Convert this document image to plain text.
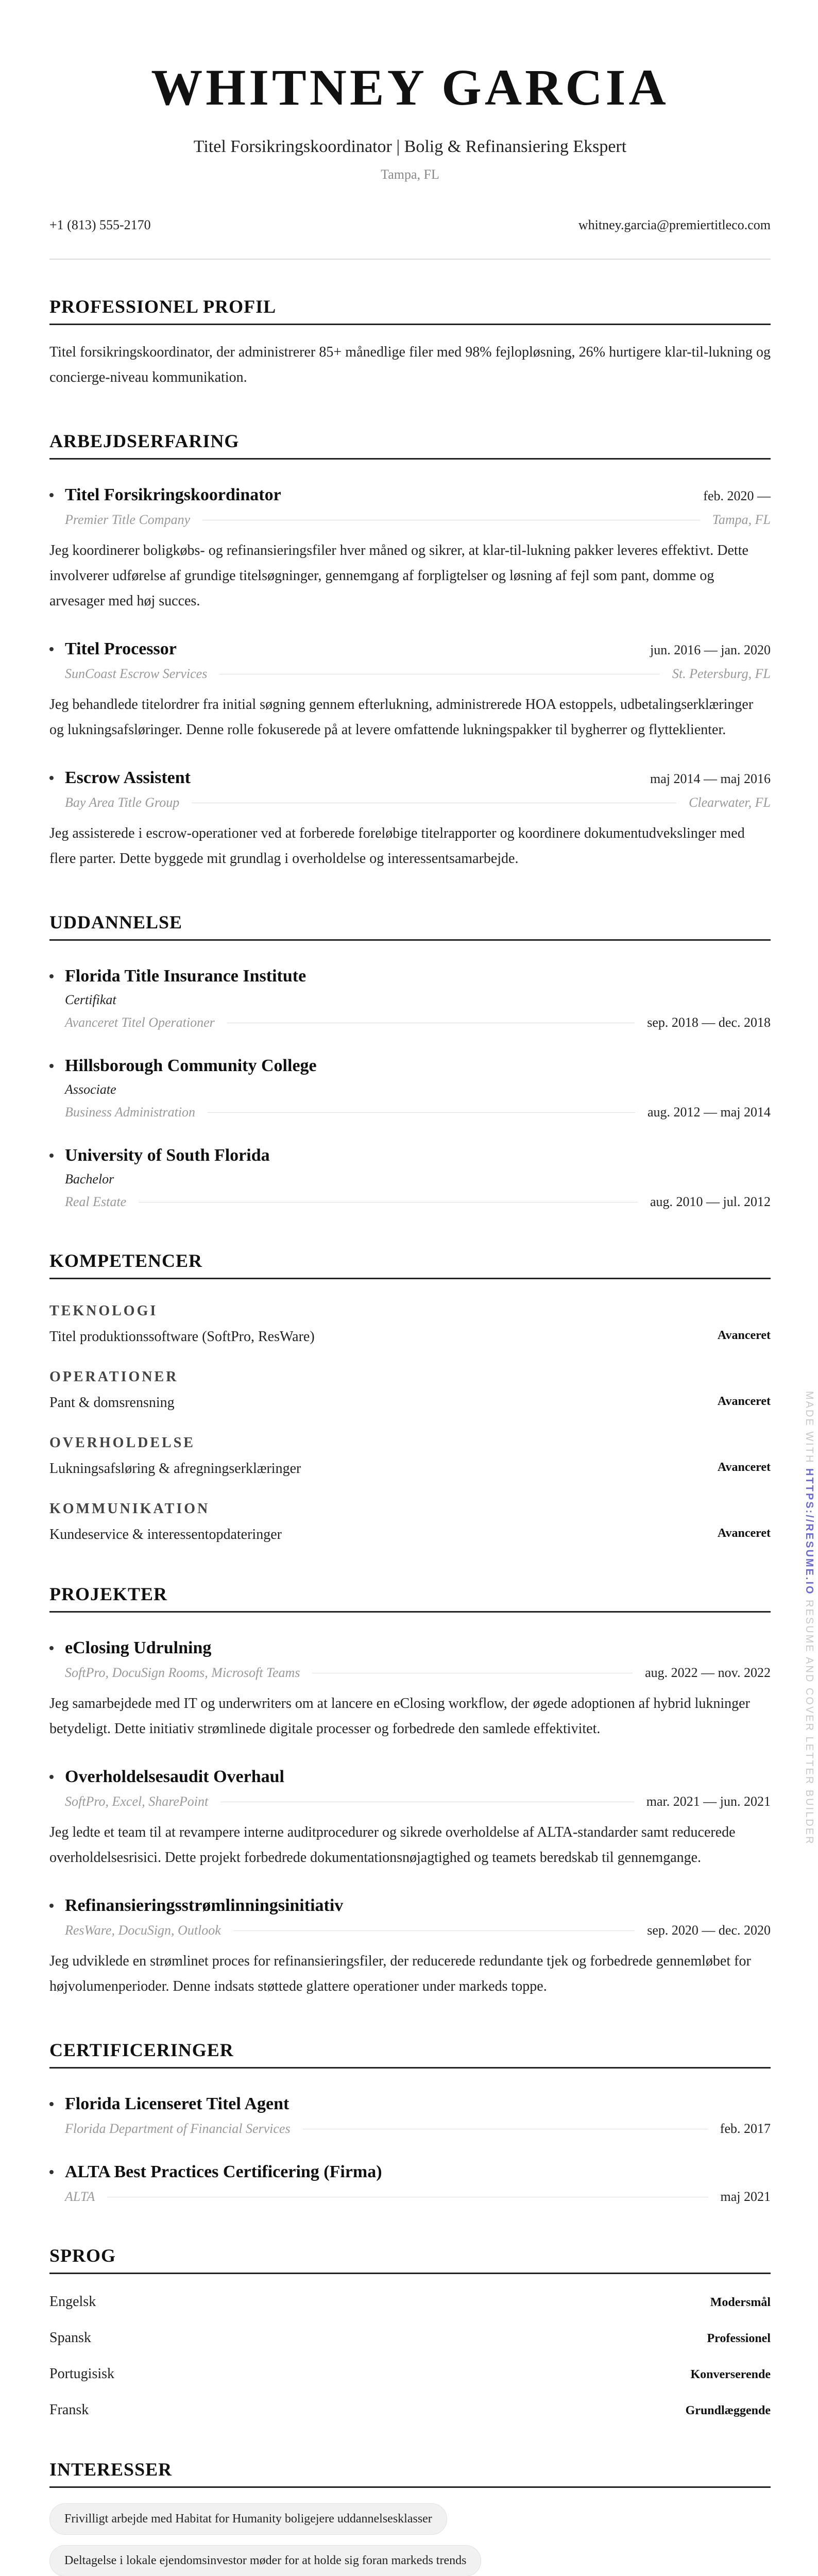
WHITNEY GARCIA
Titel Forsikringskoordinator | Bolig & Refinansiering Ekspert
Tampa, FL
+1 (813) 555-2170	whitney.garcia@premiertitleco.com
PROFESSIONEL PROFIL
Titel forsikringskoordinator, der administrerer 85+ månedlige filer med 98% fejlopløsning, 26% hurtigere klar-til-lukning og concierge-niveau kommunikation.
ARBEJDSERFARING
Titel Forsikringskoordinator	feb. 2020 —
Premier Title Company	Tampa, FL
Jeg koordinerer boligkøbs- og refinansieringsfiler hver måned og sikrer, at klar-til-lukning pakker leveres effektivt. Dette involverer udførelse af grundige titelsøgninger, gennemgang af forpligtelser og løsning af fejl som pant, domme og arvesager med høj succes.
Titel Processor	jun. 2016 — jan. 2020
SunCoast Escrow Services	St. Petersburg, FL
Jeg behandlede titelordrer fra initial søgning gennem efterlukning, administrerede HOA estoppels, udbetalingserklæringer og lukningsafsløringer. Denne rolle fokuserede på at levere omfattende lukningspakker til bygherrer og flytteklienter.
Escrow Assistent	maj 2014 — maj 2016
Bay Area Title Group	Clearwater, FL
Jeg assisterede i escrow-operationer ved at forberede foreløbige titelrapporter og koordinere dokumentudvekslinger med flere parter. Dette byggede mit grundlag i overholdelse og interessentsamarbejde.
UDDANNELSE
Florida Title Insurance Institute
Certifikat
Avanceret Titel Operationer	sep. 2018 — dec. 2018
Hillsborough Community College
Associate
Business Administration	aug. 2012 — maj 2014
University of South Florida
Bachelor
Real Estate	aug. 2010 — jul. 2012
KOMPETENCER
TEKNOLOGI
Titel produktionssoftware (SoftPro, ResWare)	Avanceret
OPERATIONER
Pant & domsrensning	Avanceret
OVERHOLDELSE
Lukningsafsløring & afregningserklæringer	Avanceret
KOMMUNIKATION
Kundeservice & interessentopdateringer	Avanceret
PROJEKTER
eClosing Udrulning
SoftPro, DocuSign Rooms, Microsoft Teams	aug. 2022 — nov. 2022
Jeg samarbejdede med IT og underwriters om at lancere en eClosing workflow, der øgede adoptionen af hybrid lukninger betydeligt. Dette initiativ strømlinede digitale processer og forbedrede den samlede effektivitet.
Overholdelsesaudit Overhaul
SoftPro, Excel, SharePoint	mar. 2021 — jun. 2021
Jeg ledte et team til at revampere interne auditprocedurer og sikrede overholdelse af ALTA-standarder samt reducerede overholdelsesrisici. Dette projekt forbedrede dokumentationsnøjagtighed og teamets beredskab til gennemgange.
Refinansieringsstrømlinningsinitiativ
ResWare, DocuSign, Outlook	sep. 2020 — dec. 2020
Jeg udviklede en strømlinet proces for refinansieringsfiler, der reducerede redundante tjek og forbedrede gennemløbet for højvolumenperioder. Denne indsats støttede glattere operationer under markeds toppe.
CERTIFICERINGER
Florida Licenseret Titel Agent
Florida Department of Financial Services	feb. 2017
ALTA Best Practices Certificering (Firma)
ALTA	maj 2021
SPROG
Engelsk	Modersmål
Spansk	Professionel
Portugisisk	Konverserende
Fransk	Grundlæggende
INTERESSER
Frivilligt arbejde med Habitat for Humanity boligejere uddannelsesklasser
Deltagelse i lokale ejendomsinvestor møder for at holde sig foran markeds trends
MADE WITH HTTPS://RESUME.IO RESUME AND COVER LETTER BUILDER
